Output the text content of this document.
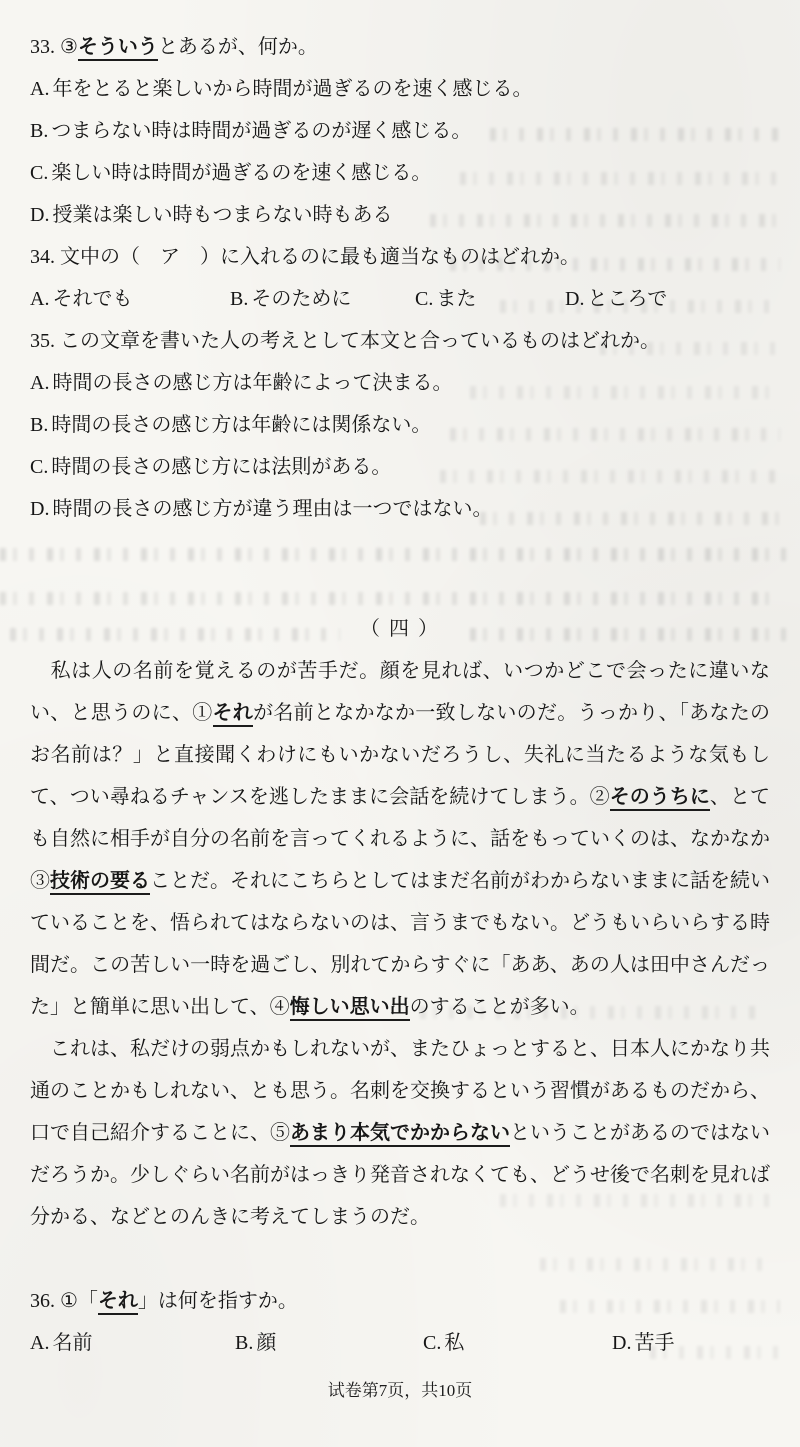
33. ③そういうとあるが、何か。
A. 年をとると楽しいから時間が過ぎるのを速く感じる。
B. つまらない時は時間が過ぎるのが遅く感じる。
C. 楽しい時は時間が過ぎるのを速く感じる。
D. 授業は楽しい時もつまらない時もある
34. 文中の（　ア　）に入れるのに最も適当なものはどれか。
A. それでも	B. そのために	C. また	D. ところで
35. この文章を書いた人の考えとして本文と合っているものはどれか。
A. 時間の長さの感じ方は年齢によって決まる。
B. 時間の長さの感じ方は年齢には関係ない。
C. 時間の長さの感じ方には法則がある。
D. 時間の長さの感じ方が違う理由は一つではない。
（ 四 ）

　私は人の名前を覚えるのが苦手だ。顔を見れば、いつかどこで会ったに違いない、と思うのに、①それが名前となかなか一致しないのだ。うっかり、「あなたのお名前は？」と直接聞くわけにもいかないだろうし、失礼に当たるような気もして、つい尋ねるチャンスを逃したままに会話を続けてしまう。②そのうちに、とても自然に相手が自分の名前を言ってくれるように、話をもっていくのは、なかなか③技術の要ることだ。それにこちらとしてはまだ名前がわからないままに話を続いていることを、悟られてはならないのは、言うまでもない。どうもいらいらする時間だ。この苦しい一時を過ごし、別れてからすぐに「ああ、あの人は田中さんだった」と簡単に思い出して、④悔しい思い出のすることが多い。

　これは、私だけの弱点かもしれないが、またひょっとすると、日本人にかなり共通のことかもしれない、とも思う。名刺を交換するという習慣があるものだから、口で自己紹介することに、⑤あまり本気でかからないということがあるのではないだろうか。少しぐらい名前がはっきり発音されなくても、どうせ後で名刺を見れば分かる、などとのんきに考えてしまうのだ。

36. ①「それ」は何を指すか。
A. 名前	B. 顔	C. 私	D. 苦手
试卷第7页，共10页
